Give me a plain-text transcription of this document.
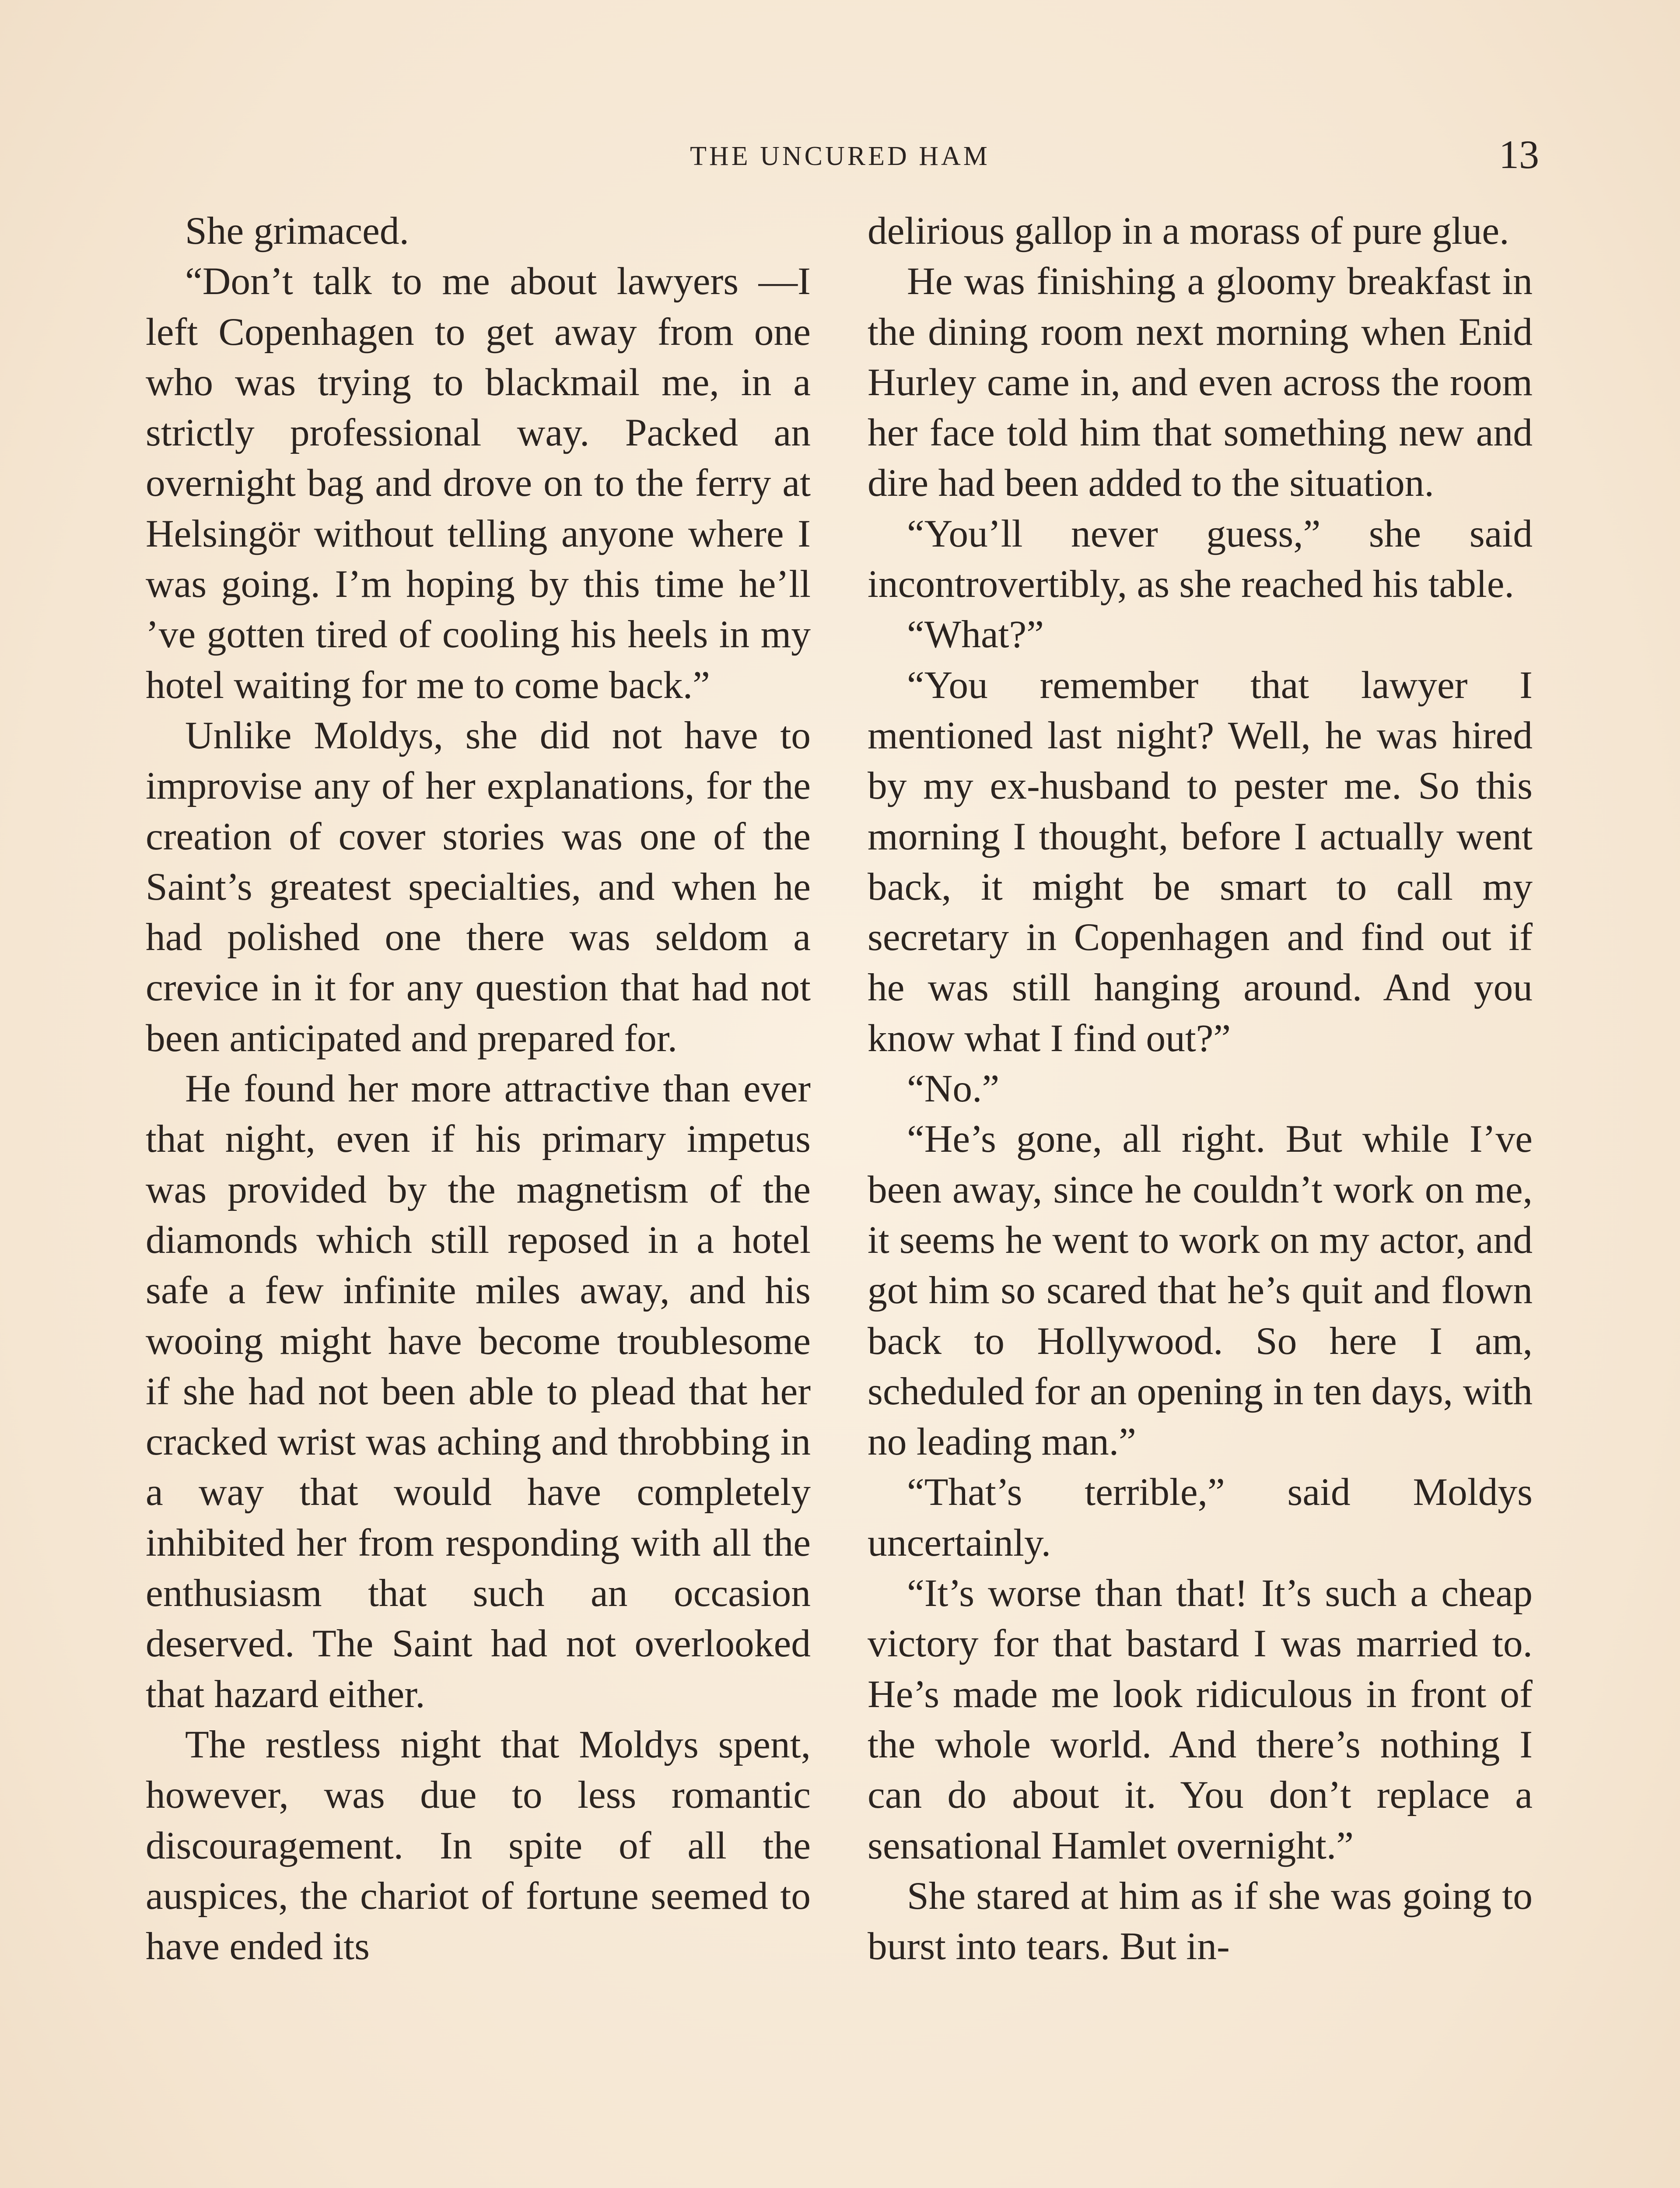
THE UNCURED HAM	13

She grimaced.

“Don’t talk to me about lawyers —I left Copenhagen to get away from one who was trying to blackmail me, in a strictly professional way. Packed an overnight bag and drove on to the ferry at Helsingör without telling anyone where I was going. I’m hoping by this time he’ll ’ve gotten tired of cooling his heels in my hotel waiting for me to come back.”

Unlike Moldys, she did not have to improvise any of her explanations, for the creation of cover stories was one of the Saint’s greatest specialties, and when he had polished one there was seldom a crevice in it for any question that had not been anticipated and prepared for.

He found her more attractive than ever that night, even if his primary impetus was provided by the magnetism of the diamonds which still reposed in a hotel safe a few infinite miles away, and his wooing might have become troublesome if she had not been able to plead that her cracked wrist was aching and throbbing in a way that would have completely inhibited her from responding with all the enthusiasm that such an occasion deserved. The Saint had not overlooked that hazard either.

The restless night that Moldys spent, however, was due to less romantic discouragement. In spite of all the auspices, the chariot of fortune seemed to have ended its

delirious gallop in a morass of pure glue.

He was finishing a gloomy breakfast in the dining room next morning when Enid Hurley came in, and even across the room her face told him that something new and dire had been added to the situation.

“You’ll never guess,” she said incontrovertibly, as she reached his table.

“What?”

“You remember that lawyer I mentioned last night? Well, he was hired by my ex-husband to pester me. So this morning I thought, before I actually went back, it might be smart to call my secretary in Copenhagen and find out if he was still hanging around. And you know what I find out?”

“No.”

“He’s gone, all right. But while I’ve been away, since he couldn’t work on me, it seems he went to work on my actor, and got him so scared that he’s quit and flown back to Hollywood. So here I am, scheduled for an opening in ten days, with no leading man.”

“That’s terrible,” said Moldys uncertainly.

“It’s worse than that! It’s such a cheap victory for that bastard I was married to. He’s made me look ridiculous in front of the whole world. And there’s nothing I can do about it. You don’t replace a sensational Hamlet overnight.”

She stared at him as if she was going to burst into tears. But in-
